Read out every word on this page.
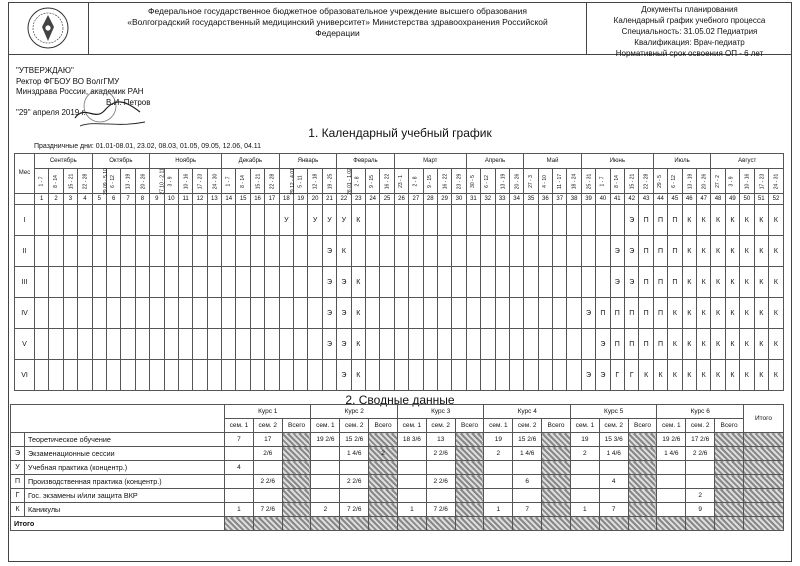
Федеральное государственное бюджетное образовательное учреждение высшего образования
«Волгоградский государственный медицинский университет» Министерства здравоохранения Российской
Федерации
Документы планирования
Календарный график учебного процесса
Специальность: 31.05.02 Педиатрия
Квалификация: Врач-педиатр
Нормативный срок освоения ОП - 6 лет
"УТВЕРЖДАЮ"
Ректор ФГБОУ ВО ВолгГМУ
Минздрава России, академик РАН
В.И. Петров
"29" апреля 2019 г.
1. Календарный учебный график
Праздничные дни: 01.01-08.01, 23.02, 08.03, 01.05, 09.05, 12.06, 04.11
Мес	Сентябрь				Октябрь				Ноябрь					Декабрь				Январь				Февраль				Март					Апрель				Май				Июнь					Июль				Август				
	1 - 7	8 - 14	15 - 21	22 - 28	29.09 - 5.10	6 - 12	13 - 19	20 - 26	27.10 - 2.11	3 - 9	10 - 16	17 - 23	24 - 30	1 - 7	8 - 14	15 - 21	22 - 28	29.12 - 4.01	5 - 11	12 - 18	19 - 25	26.01 - 1.02	2 - 8	9 - 15	16 - 22	23 - 1	2 - 8	9 - 15	16 - 22	23 - 29	30 - 5	6 - 12	13 - 19	20 - 26	27 - 3	4 - 10	11 - 17	18 - 24	25 - 31	1 - 7	8 - 14	15 - 21	22 - 28	29 - 5	6 - 12	13 - 19	20 - 26	27 - 2	3 - 9	10 - 16	17 - 23	24 - 31
	1	2	3	4	5	6	7	8	9	10	11	12	13	14	15	16	17	18	19	20	21	22	23	24	25	26	27	28	29	30	31	32	33	34	35	36	37	38	39	40	41	42	43	44	45	46	47	48	49	50	51	52
I																		У		У	У	У	К																			Э	П	П	П	К	К	К	К	К	К	К
II																					Э	К																			Э	Э	П	П	П	К	К	К	К	К	К	К
III																					Э	Э	К																		Э	Э	П	П	П	К	К	К	К	К	К	К
IV																					Э	Э	К																Э	П	П	П	П	П	К	К	К	К	К	К	К	К
V																					Э	Э	К																	Э	П	П	П	П	К	К	К	К	К	К	К	К
VI																						Э	К																Э	Э	Г	Г	К	К	К	К	К	К	К	К	К	К
2. Сводные данные
		Курс 1			Курс 2			Курс 3			Курс 4			Курс 5			Курс 6			Итого
		сем. 1	сем. 2	Всего	сем. 1	сем. 2	Всего	сем. 1	сем. 2	Всего	сем. 1	сем. 2	Всего	сем. 1	сем. 2	Всего	сем. 1	сем. 2	Всего	
	Теоретическое обучение	7	17		19 2/6	15 2/6		18 3/6	13		19	15 2/6		19	15 3/6		19 2/6	17 2/6		
Э	Экзаменационные сессии		2/6			1 4/6	2		2 2/6		2	1 4/6		2	1 4/6		1 4/6	2 2/6		
У	Учебная практика (концентр.)	4																		
П	Производственная практика (концентр.)		2 2/6			2 2/6			2 2/6			6			4					
Г	Гос. экзамены и/или защита ВКР																	2		
К	Каникулы	1	7 2/6		2	7 2/6		1	7 2/6		1	7		1	7			9		
Итого																				
